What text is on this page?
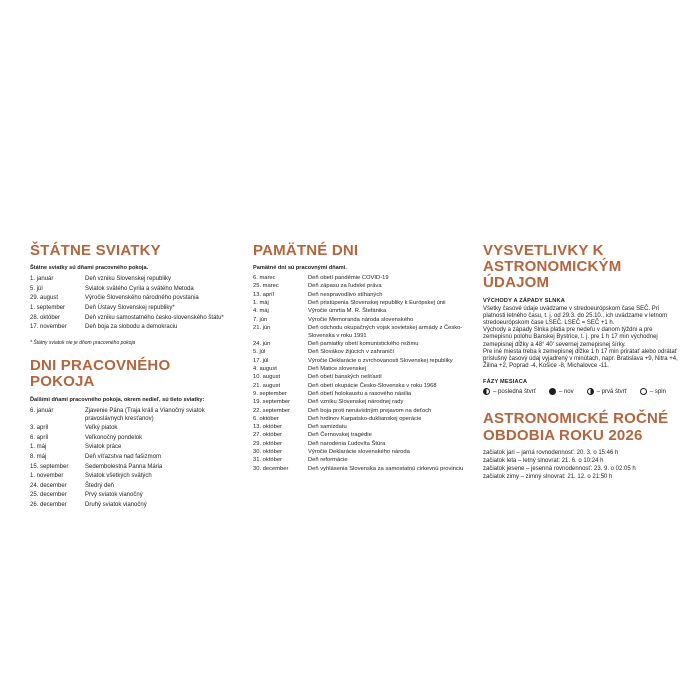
ŠTÁTNE SVIATKY

Štátne sviatky sú dňami pracovného pokoja.

1. január	Deň vzniku Slovenskej republiky
5. júl	Sviatok svätého Cyrila a svätého Metoda
29. august	Výročie Slovenského národného povstania
1. september	Deň Ústavy Slovenskej republiky*
28. október	Deň vzniku samostatného česko-slovenského štátu*
17. november	Deň boja za slobodu a demokraciu

* Štátny sviatok nie je dňom pracovného pokoja

DNI PRACOVNÉHO POKOJA

Ďalšími dňami pracovného pokoja, okrem nedieľ, sú tieto sviatky:

6. január	Zjavenie Pána (Traja králi a Vianočný sviatok pravoslávnych kresťanov)
3. apríl	Veľký piatok
6. apríl	Veľkonočný pondelok
1. máj	Sviatok práce
8. máj	Deň víťazstva nad fašizmom
15. september	Sedembolestná Panna Mária
1. november	Sviatok všetkých svätých
24. december	Štedrý deň
25. december	Prvý sviatok vianočný
26. december	Druhý sviatok vianočný
PAMÄTNÉ DNI

Pamätné dni sú pracovnými dňami.

6. marec	Deň obetí pandémie COVID-19
25. marec	Deň zápasu za ľudské práva
13. apríl	Deň nespravodlivo stíhaných
1. máj	Deň pristúpenia Slovenskej republiky k Európskej únii
4. máj	Výročie úmrtia M. R. Štefánika
7. jún	Výročie Memoranda národa slovenského
21. jún	Deň odchodu okupačných vojsk sovietskej armády z Česko-Slovenska v roku 1991
24. jún	Deň pamiatky obetí komunistického režimu
5. júl	Deň Slovákov žijúcich v zahraničí
17. júl	Výročie Deklarácie o zvrchovanosti Slovenskej republiky
4. august	Deň Matice slovenskej
10. august	Deň obetí banských nešťastí
21. august	Deň obetí okupácie Česko-Slovenska v roku 1968
9. september	Deň obetí holokaustu a rasového násilia
19. september	Deň vzniku Slovenskej národnej rady
22. september	Deň boja proti nenávistným prejavom na deťoch
6. október	Deň hrdinov Karpatsko-duklianskej operácie
13. október	Deň samizdatu
27. október	Deň Černovskej tragédie
29. október	Deň narodenia Ľudovíta Štúra
30. október	Výročie Deklarácie slovenského národa
31. október	Deň reformácie
30. december	Deň vyhlásenia Slovenska za samostatnú cirkevnú provinciu
VYSVETLIVKY K ASTRONOMICKÝM ÚDAJOM

VÝCHODY A ZÁPADY SLNKA

Všetky časové údaje uvádzame v stredoeurópskom čase SEČ. Pri platnosti letného času, t. j. od 29.3. do 25.10., ich uvádzame v letnom stredoeurópskom čase LSEČ. LSEČ = SEČ +1 h.

Východy a západy Slnka platia pre nedeľu v danom týždni a pre zemepisnú polohu Banskej Bystrice, t. j. pre 1 h 17 min východnej zemepisnej dĺžky a 48° 40' severnej zemepisnej šírky.

Pre iné miesta treba k zemepisnej dĺžke 1 h 17 min prirátať alebo odrátať príslušný časový údaj vyjadrený v minútach, napr. Bratislava +9, Nitra +4, Žilina +2, Poprad -4, Košice -8, Michalovce -11.

FÁZY MESIACA

– posledná štvrť	– nov	– prvá štvrť	– spln
ASTRONOMICKÉ ROČNÉ OBDOBIA ROKU 2026
začiatok jari – jarná rovnodennosť: 20. 3. o 15:46 h
začiatok leta – letný slnovrat: 21. 6. o 10:24 h
začiatok jesene – jesenná rovnodennosť: 23. 9. o 02:05 h
začiatok zimy – zimný slnovrat: 21. 12. o 21:50 h
